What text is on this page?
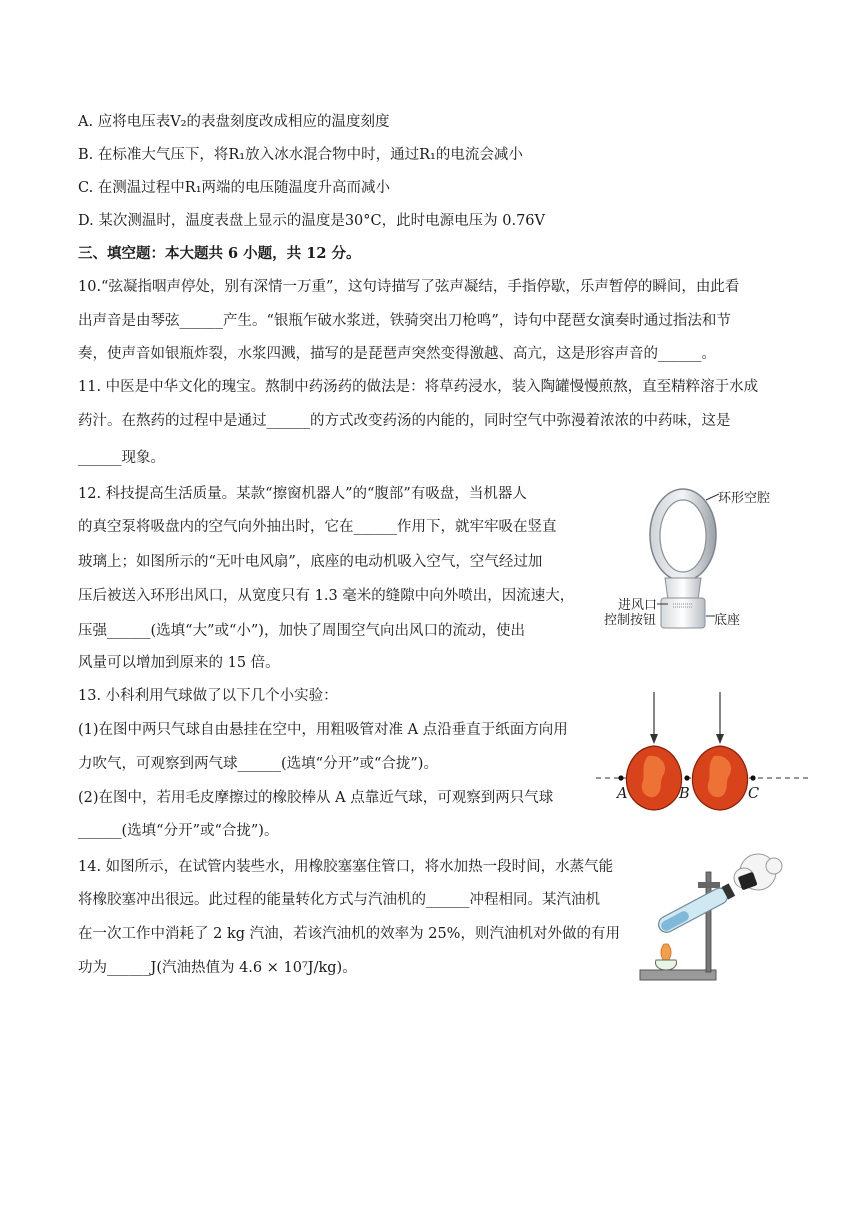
A. 应将电压表V₂的表盘刻度改成相应的温度刻度
B. 在标准大气压下，将R₁放入冰水混合物中时，通过R₁的电流会减小
C. 在测温过程中R₁两端的电压随温度升高而减小
D. 某次测温时，温度表盘上显示的温度是30°C，此时电源电压为 0.76V
三、填空题：本大题共 6 小题，共 12 分。
10.“弦凝指咽声停处，别有深情一万重”，这句诗描写了弦声凝结，手指停歇，乐声暂停的瞬间，由此看
出声音是由琴弦______产生。“银瓶乍破水浆迸，铁骑突出刀枪鸣”，诗句中琵琶女演奏时通过指法和节
奏，使声音如银瓶炸裂，水浆四溅，描写的是琵琶声突然变得激越、高亢，这是形容声音的______。
11. 中医是中华文化的瑰宝。熬制中药汤药的做法是：将草药浸水，装入陶罐慢慢煎熬，直至精粹溶于水成
药汁。在熬药的过程中是通过______的方式改变药汤的内能的，同时空气中弥漫着浓浓的中药味，这是
______现象。
12. 科技提高生活质量。某款“擦窗机器人”的“腹部”有吸盘，当机器人
的真空泵将吸盘内的空气向外抽出时，它在______作用下，就牢牢吸在竖直
玻璃上；如图所示的“无叶电风扇”，底座的电动机吸入空气，空气经过加
压后被送入环形出风口，从宽度只有 1.3 毫米的缝隙中向外喷出，因流速大，
压强______(选填“大”或“小”)，加快了周围空气向出风口的流动，使出
风量可以增加到原来的 15 倍。
环形空腔
进风口
控制按钮	底座
13. 小科利用气球做了以下几个小实验：
(1)在图中两只气球自由悬挂在空中，用粗吸管对准 A 点沿垂直于纸面方向用
力吹气，可观察到两气球______(选填“分开”或“合拢”)。
(2)在图中，若用毛皮摩擦过的橡胶棒从 A 点靠近气球，可观察到两只气球
______(选填“分开”或“合拢”)。
A	B	C
14. 如图所示，在试管内装些水，用橡胶塞塞住管口，将水加热一段时间，水蒸气能
将橡胶塞冲出很远。此过程的能量转化方式与汽油机的______冲程相同。某汽油机
在一次工作中消耗了 2 kg 汽油，若该汽油机的效率为 25%，则汽油机对外做的有用
功为______J(汽油热值为 4.6 × 10⁷J/kg)。
